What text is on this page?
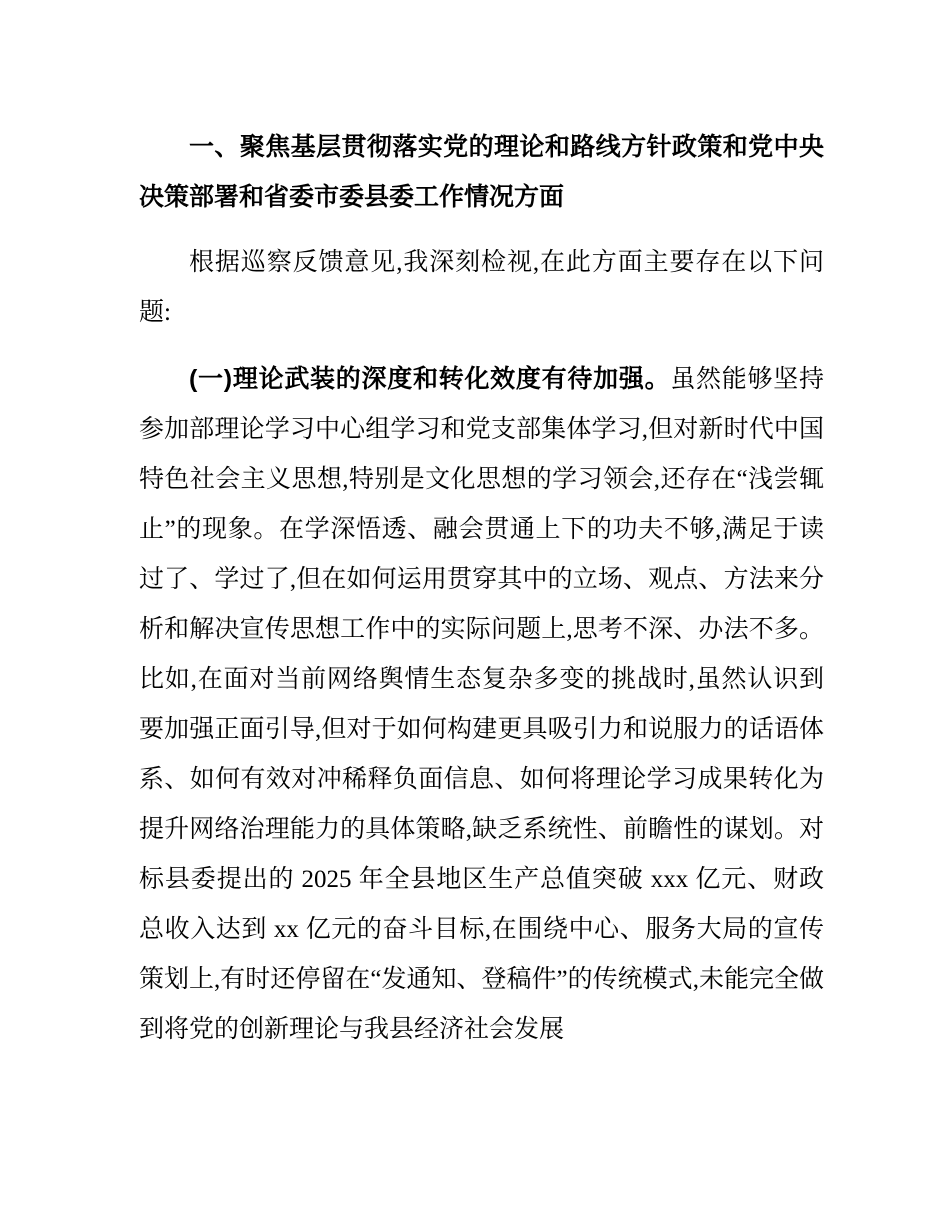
一、聚焦基层贯彻落实党的理论和路线方针政策和党中央决策部署和省委市委县委工作情况方面

根据巡察反馈意见,我深刻检视,在此方面主要存在以下问题:

(一)理论武装的深度和转化效度有待加强。虽然能够坚持参加部理论学习中心组学习和党支部集体学习,但对新时代中国特色社会主义思想,特别是文化思想的学习领会,还存在“浅尝辄止”的现象。在学深悟透、融会贯通上下的功夫不够,满足于读过了、学过了,但在如何运用贯穿其中的立场、观点、方法来分析和解决宣传思想工作中的实际问题上,思考不深、办法不多。比如,在面对当前网络舆情生态复杂多变的挑战时,虽然认识到要加强正面引导,但对于如何构建更具吸引力和说服力的话语体系、如何有效对冲稀释负面信息、如何将理论学习成果转化为提升网络治理能力的具体策略,缺乏系统性、前瞻性的谋划。对标县委提出的 2025 年全县地区生产总值突破 xxx 亿元、财政总收入达到 xx 亿元的奋斗目标,在围绕中心、服务大局的宣传策划上,有时还停留在“发通知、登稿件”的传统模式,未能完全做到将党的创新理论与我县经济社会发展
